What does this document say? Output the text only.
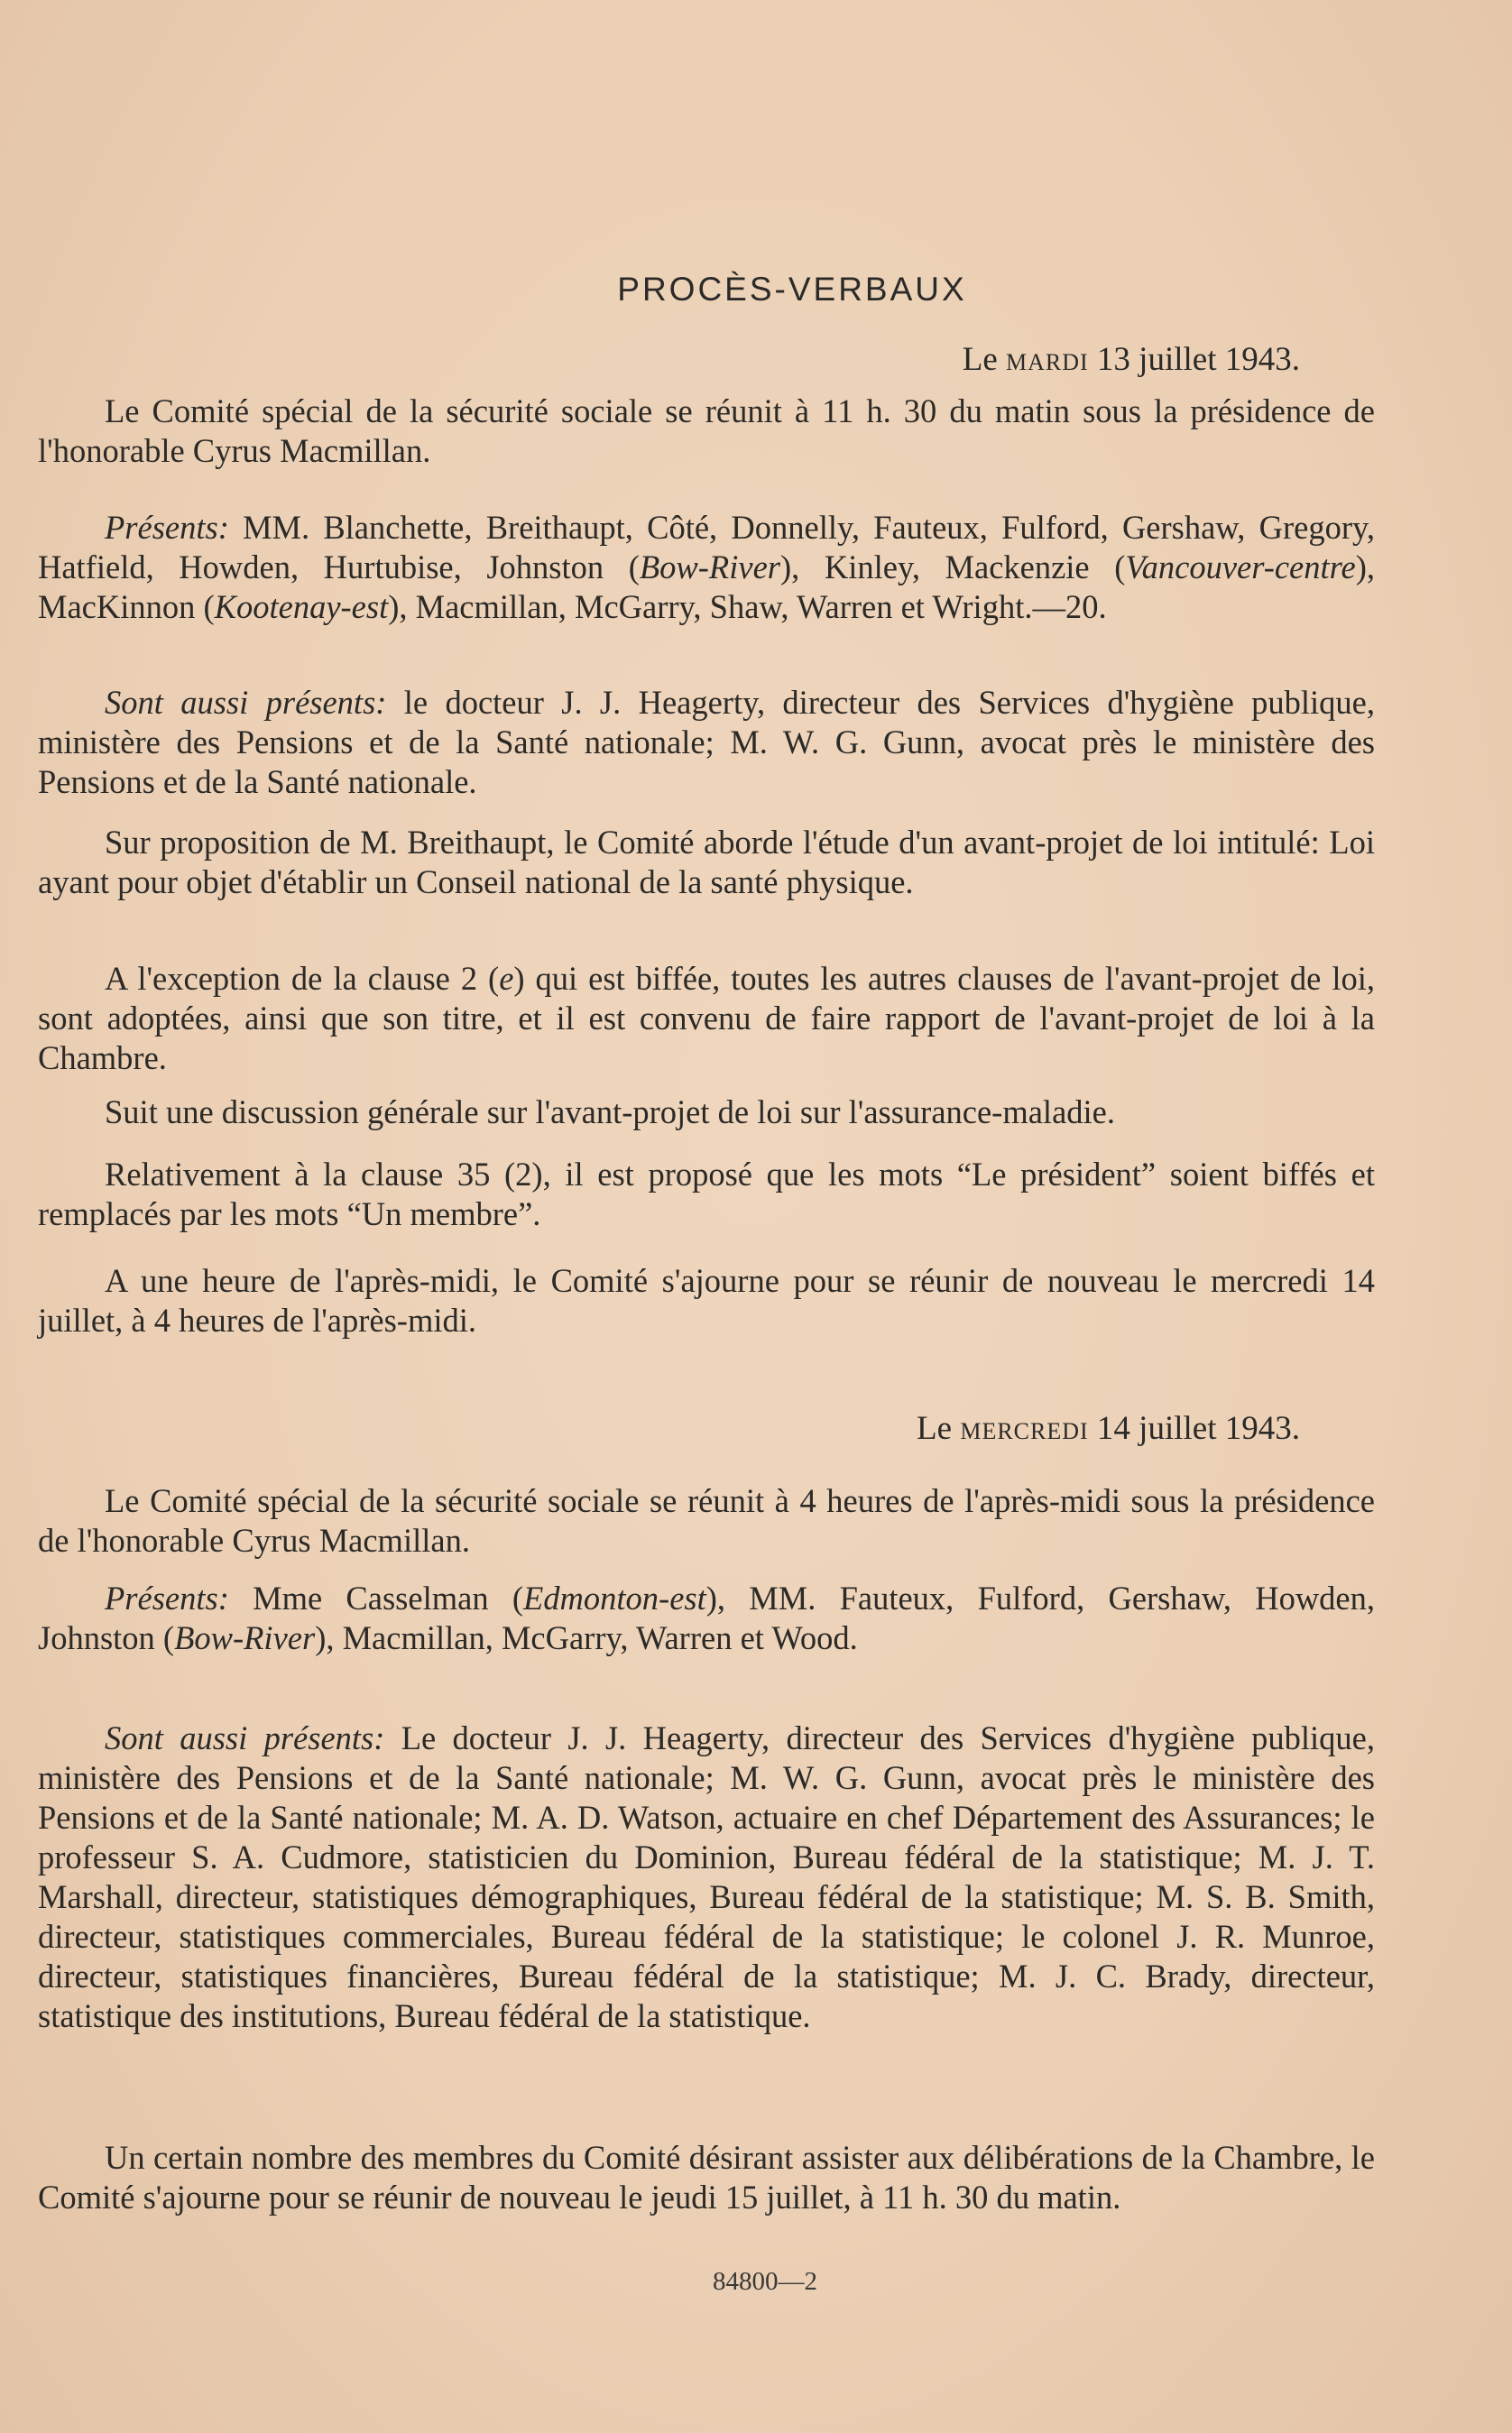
PROCÈS-VERBAUX
Le mardi 13 juillet 1943.

Le Comité spécial de la sécurité sociale se réunit à 11 h. 30 du matin sous la présidence de l'honorable Cyrus Macmillan.

Présents: MM. Blanchette, Breithaupt, Côté, Donnelly, Fauteux, Fulford, Gershaw, Gregory, Hatfield, Howden, Hurtubise, Johnston (Bow-River), Kinley, Mackenzie (Vancouver-centre), MacKinnon (Kootenay-est), Macmillan, McGarry, Shaw, Warren et Wright.—20.

Sont aussi présents: le docteur J. J. Heagerty, directeur des Services d'hygiène publique, ministère des Pensions et de la Santé nationale; M. W. G. Gunn, avocat près le ministère des Pensions et de la Santé nationale.

Sur proposition de M. Breithaupt, le Comité aborde l'étude d'un avant-projet de loi intitulé: Loi ayant pour objet d'établir un Conseil national de la santé physique.

A l'exception de la clause 2 (e) qui est biffée, toutes les autres clauses de l'avant-projet de loi, sont adoptées, ainsi que son titre, et il est convenu de faire rapport de l'avant-projet de loi à la Chambre.

Suit une discussion générale sur l'avant-projet de loi sur l'assurance-maladie.

Relativement à la clause 35 (2), il est proposé que les mots “Le président” soient biffés et remplacés par les mots “Un membre”.

A une heure de l'après-midi, le Comité s'ajourne pour se réunir de nouveau le mercredi 14 juillet, à 4 heures de l'après-midi.

Le mercredi 14 juillet 1943.

Le Comité spécial de la sécurité sociale se réunit à 4 heures de l'après-midi sous la présidence de l'honorable Cyrus Macmillan.

Présents: Mme Casselman (Edmonton-est), MM. Fauteux, Fulford, Gershaw, Howden, Johnston (Bow-River), Macmillan, McGarry, Warren et Wood.

Sont aussi présents: Le docteur J. J. Heagerty, directeur des Services d'hygiène publique, ministère des Pensions et de la Santé nationale; M. W. G. Gunn, avocat près le ministère des Pensions et de la Santé nationale; M. A. D. Watson, actuaire en chef Département des Assurances; le professeur S. A. Cudmore, statisticien du Dominion, Bureau fédéral de la statistique; M. J. T. Marshall, directeur, statistiques démographiques, Bureau fédéral de la statistique; M. S. B. Smith, directeur, statistiques commerciales, Bureau fédéral de la statistique; le colonel J. R. Munroe, directeur, statistiques financières, Bureau fédéral de la statistique; M. J. C. Brady, directeur, statistique des institutions, Bureau fédéral de la statistique.

Un certain nombre des membres du Comité désirant assister aux délibérations de la Chambre, le Comité s'ajourne pour se réunir de nouveau le jeudi 15 juillet, à 11 h. 30 du matin.

84800—2
